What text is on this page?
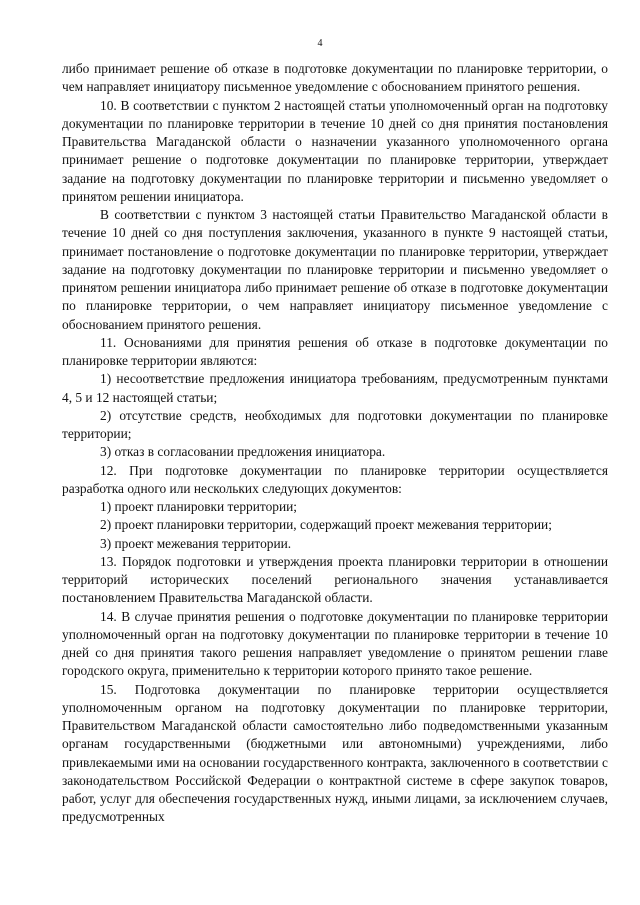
4

либо принимает решение об отказе в подготовке документации по планировке территории, о чем направляет инициатору письменное уведомление с обоснованием принятого решения.

10. В соответствии с пунктом 2 настоящей статьи уполномоченный орган на подготовку документации по планировке территории в течение 10 дней со дня принятия постановления Правительства Магаданской области о назначении указанного уполномоченного органа принимает решение о подготовке документации по планировке территории, утверждает задание на подготовку документации по планировке территории и письменно уведомляет о принятом решении инициатора.

В соответствии с пунктом 3 настоящей статьи Правительство Магаданской области в течение 10 дней со дня поступления заключения, указанного в пункте 9 настоящей статьи, принимает постановление о подготовке документации по планировке территории, утверждает задание на подготовку документации по планировке территории и письменно уведомляет о принятом решении инициатора либо принимает решение об отказе в подготовке документации по планировке территории, о чем направляет инициатору письменное уведомление с обоснованием принятого решения.

11. Основаниями для принятия решения об отказе в подготовке документации по планировке территории являются:

1) несоответствие предложения инициатора требованиям, предусмотренным пунктами 4, 5 и 12 настоящей статьи;

2) отсутствие средств, необходимых для подготовки документации по планировке территории;

3) отказ в согласовании предложения инициатора.

12. При подготовке документации по планировке территории осуществляется разработка одного или нескольких следующих документов:

1) проект планировки территории;

2) проект планировки территории, содержащий проект межевания территории;

3) проект межевания территории.

13. Порядок подготовки и утверждения проекта планировки территории в отношении территорий исторических поселений регионального значения устанавливается постановлением Правительства Магаданской области.

14. В случае принятия решения о подготовке документации по планировке территории уполномоченный орган на подготовку документации по планировке территории в течение 10 дней со дня принятия такого решения направляет уведомление о принятом решении главе городского округа, применительно к территории которого принято такое решение.

15. Подготовка документации по планировке территории осуществляется уполномоченным органом на подготовку документации по планировке территории, Правительством Магаданской области самостоятельно либо подведомственными указанным органам государственными (бюджетными или автономными) учреждениями, либо привлекаемыми ими на основании государственного контракта, заключенного в соответствии с законодательством Российской Федерации о контрактной системе в сфере закупок товаров, работ, услуг для обеспечения государственных нужд, иными лицами, за исключением случаев, предусмотренных
